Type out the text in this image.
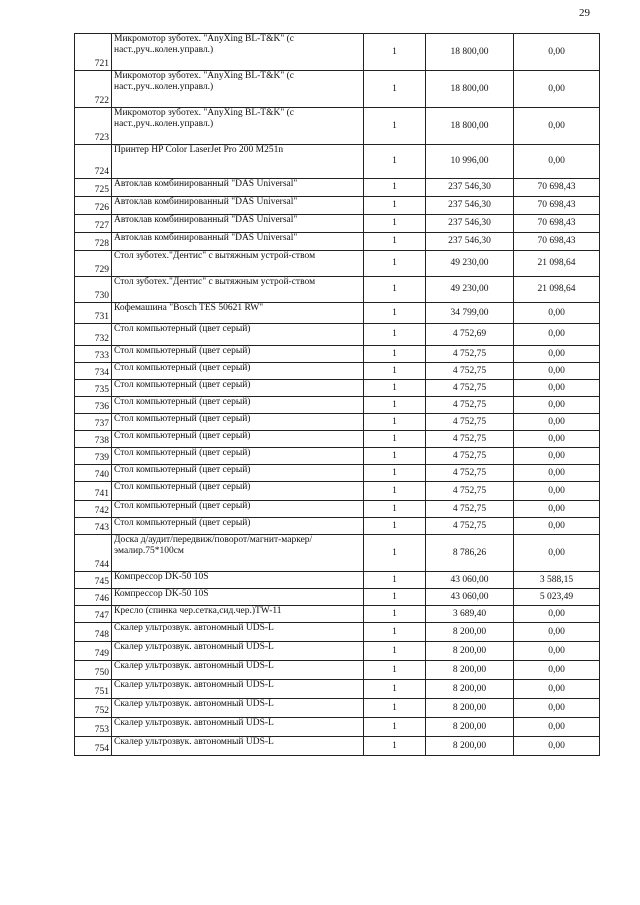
29
721	Микромотор зуботех. "AnyXing BL-T&K" (с наст.,руч..колен.управл.)	1	18 800,00	0,00
722	Микромотор зуботех. "AnyXing BL-T&K" (с наст.,руч..колен.управл.)	1	18 800,00	0,00
723	Микромотор зуботех. "AnyXing BL-T&K" (с наст.,руч..колен.управл.)	1	18 800,00	0,00
724	Принтер HP Color LaserJet Pro 200 M251n	1	10 996,00	0,00
725	Автоклав комбинированный "DAS Universal"	1	237 546,30	70 698,43
726	Автоклав комбинированный "DAS Universal"	1	237 546,30	70 698,43
727	Автоклав комбинированный "DAS Universal"	1	237 546,30	70 698,43
728	Автоклав комбинированный "DAS Universal"	1	237 546,30	70 698,43
729	Стол зуботех."Дентис" с вытяжным устрой-ством	1	49 230,00	21 098,64
730	Стол зуботех."Дентис" с вытяжным устрой-ством	1	49 230,00	21 098,64
731	Кофемашина "Bosch TES 50621 RW"	1	34 799,00	0,00
732	Стол компьютерный (цвет серый)	1	4 752,69	0,00
733	Стол компьютерный (цвет серый)	1	4 752,75	0,00
734	Стол компьютерный (цвет серый)	1	4 752,75	0,00
735	Стол компьютерный (цвет серый)	1	4 752,75	0,00
736	Стол компьютерный (цвет серый)	1	4 752,75	0,00
737	Стол компьютерный (цвет серый)	1	4 752,75	0,00
738	Стол компьютерный (цвет серый)	1	4 752,75	0,00
739	Стол компьютерный (цвет серый)	1	4 752,75	0,00
740	Стол компьютерный (цвет серый)	1	4 752,75	0,00
741	Стол компьютерный (цвет серый)	1	4 752,75	0,00
742	Стол компьютерный (цвет серый)	1	4 752,75	0,00
743	Стол компьютерный (цвет серый)	1	4 752,75	0,00
744	Доска д/аудит/передвиж/поворот/магнит-маркер/эмалир.75*100см	1	8 786,26	0,00
745	Компрессор DK-50 10S	1	43 060,00	3 588,15
746	Компрессор DK-50 10S	1	43 060,00	5 023,49
747	Кресло (спинка чер.сетка,сид.чер.)TW-11	1	3 689,40	0,00
748	Скалер ультрозвук. автономный UDS-L	1	8 200,00	0,00
749	Скалер ультрозвук. автономный UDS-L	1	8 200,00	0,00
750	Скалер ультрозвук. автономный UDS-L	1	8 200,00	0,00
751	Скалер ультрозвук. автономный UDS-L	1	8 200,00	0,00
752	Скалер ультрозвук. автономный UDS-L	1	8 200,00	0,00
753	Скалер ультрозвук. автономный UDS-L	1	8 200,00	0,00
754	Скалер ультрозвук. автономный UDS-L	1	8 200,00	0,00
